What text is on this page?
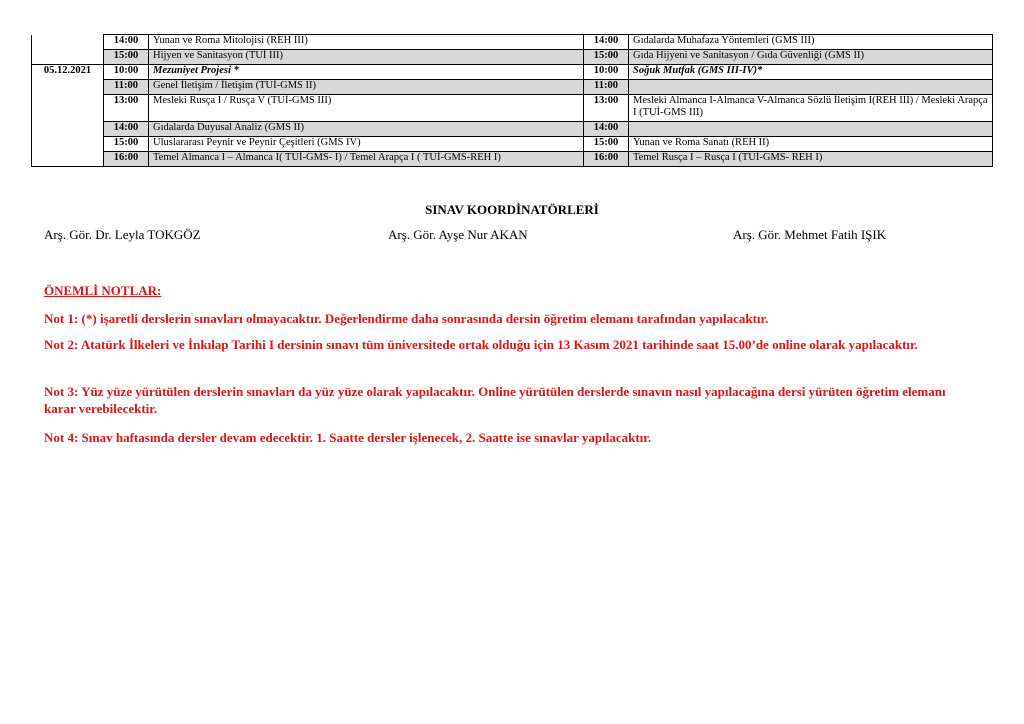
	14:00	Yunan ve Roma Mitolojisi (REH III)	14:00	Gıdalarda Muhafaza Yöntemleri (GMS III)
	15:00	Hijyen ve Sanitasyon (TUİ III)	15:00	Gıda Hijyeni ve Sanitasyon / Gıda Güvenliği (GMS II)
05.12.2021	10:00	Mezuniyet Projesi *	10:00	Soğuk Mutfak (GMS III-IV)*
	11:00	Genel İletişim / İletişim (TUİ-GMS II)	11:00	
	13:00	Mesleki Rusça I / Rusça V (TUİ-GMS III)	13:00	Mesleki Almanca I-Almanca V-Almanca Sözlü İletişim I(REH III) / Mesleki Arapça I (TUİ-GMS III)
	14:00	Gıdalarda Duyusal Analiz (GMS II)	14:00	
	15:00	Uluslararası Peynir ve Peynir Çeşitleri (GMS IV)	15:00	Yunan ve Roma Sanatı (REH II)
	16:00	Temel Almanca I – Almanca I( TUİ-GMS- I) / Temel Arapça I ( TUİ-GMS-REH I)	16:00	Temel Rusça I – Rusça I (TUİ-GMS- REH I)
SINAV KOORDİNATÖRLERİ
Arş. Gör. Dr. Leyla TOKGÖZ	Arş. Gör. Ayşe Nur AKAN	Arş. Gör. Mehmet Fatih IŞIK
ÖNEMLİ NOTLAR:
Not 1: (*) işaretli derslerin sınavları olmayacaktır. Değerlendirme daha sonrasında dersin öğretim elemanı tarafından yapılacaktır.
Not 2: Atatürk İlkeleri ve İnkılap Tarihi I dersinin sınavı tüm üniversitede ortak olduğu için 13 Kasım 2021 tarihinde saat 15.00’de online olarak yapılacaktır.
Not 3: Yüz yüze yürütülen derslerin sınavları da yüz yüze olarak yapılacaktır. Online yürütülen derslerde sınavın nasıl yapılacağına dersi yürüten öğretim elemanı karar verebilecektir.
Not 4: Sınav haftasında dersler devam edecektir. 1. Saatte dersler işlenecek, 2. Saatte ise sınavlar yapılacaktır.
